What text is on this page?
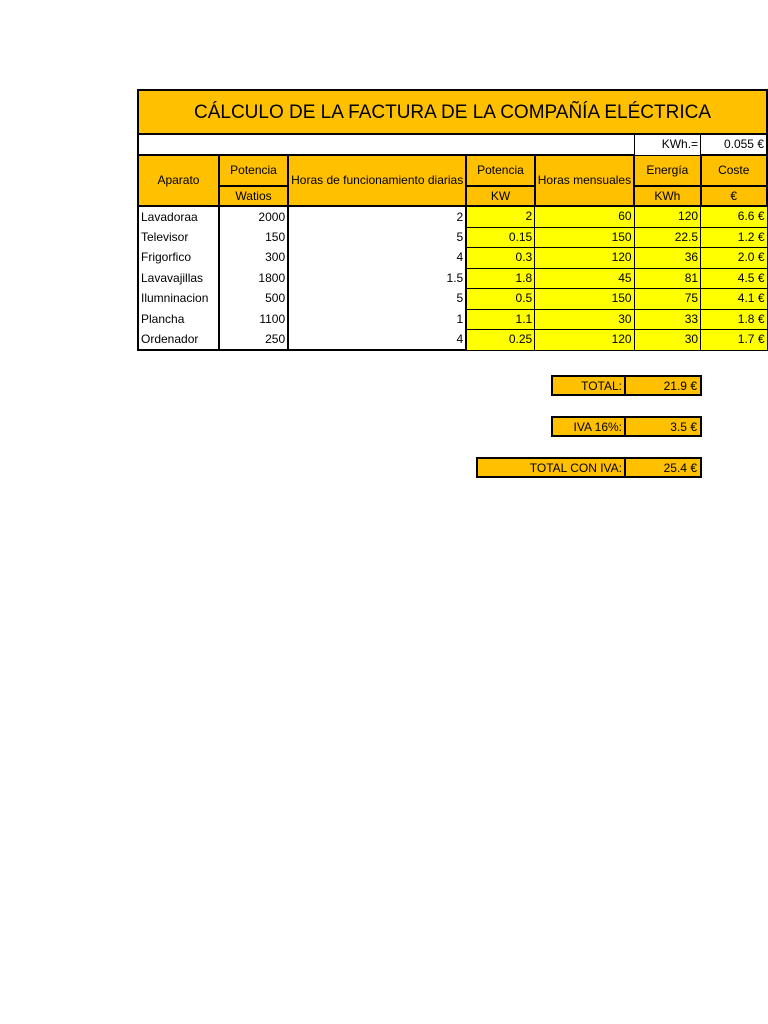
CÁLCULO DE LA FACTURA DE LA COMPAÑÍA ELÉCTRICA						
					KWh.=	0.055 €
Aparato	Potencia	Horas de funcionamiento diarias	Potencia	Horas mensuales	Energía	Coste
	Watios		KW		KWh	€
Lavadoraa	2000	2	2	60	120	6.6 €
Televisor	150	5	0.15	150	22.5	1.2 €
Frigorfico	300	4	0.3	120	36	2.0 €
Lavavajillas	1800	1.5	1.8	45	81	4.5 €
Ilumninacion	500	5	0.5	150	75	4.1 €
Plancha	1100	1	1.1	30	33	1.8 €
Ordenador	250	4	0.25	120	30	1.7 €
TOTAL:	21.9 €
IVA 16%:	3.5 €
TOTAL CON IVA:	25.4 €
